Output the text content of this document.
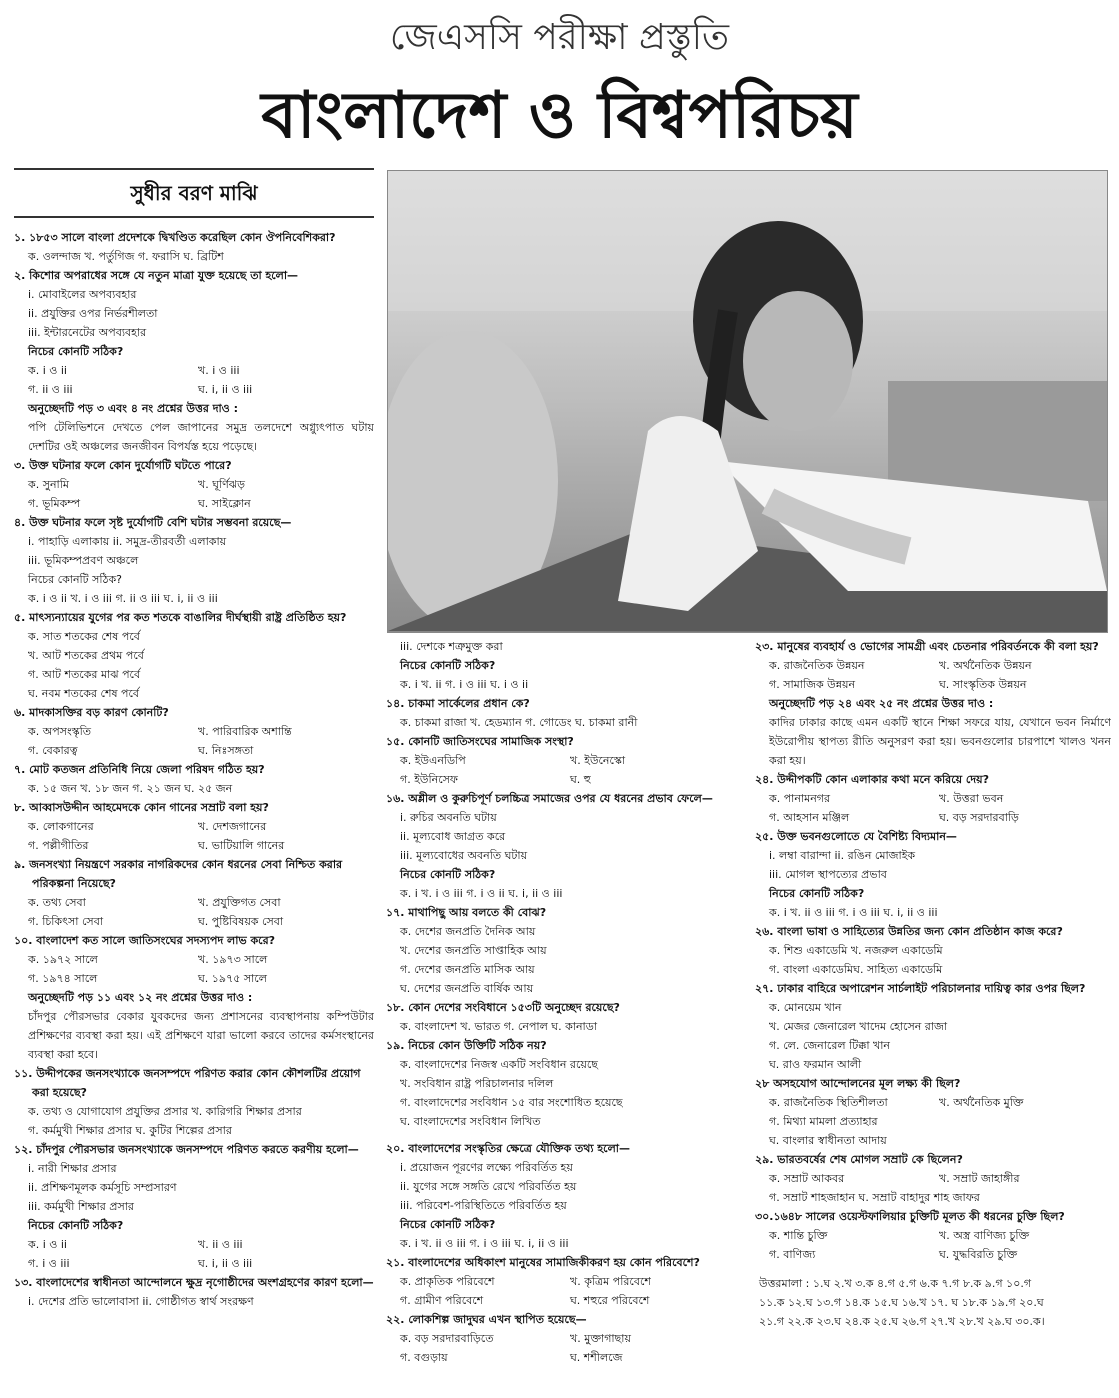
জেএসসি পরীক্ষা প্রস্তুতি
বাংলাদেশ ও বিশ্বপরিচয়
সুধীর বরণ মাঝি
১. ১৮৫৩ সালে বাংলা প্রদেশকে দ্বিখণ্ডিত করেছিল কোন ঔপনিবেশিকরা?
ক. ওলন্দাজ খ. পর্তুগিজ গ. ফরাসি ঘ. ব্রিটিশ
২. কিশোর অপরাধের সঙ্গে যে নতুন মাত্রা যুক্ত হয়েছে তা হলো—
i. মোবাইলের অপব্যবহার
ii. প্রযুক্তির ওপর নির্ভরশীলতা
iii. ইন্টারনেটের অপব্যবহার
নিচের কোনটি সঠিক?
ক. i ও ii	খ. i ও iii
গ. ii ও iii	ঘ. i, ii ও iii
অনুচ্ছেদটি পড় ৩ এবং ৪ নং প্রশ্নের উত্তর দাও :
পপি টেলিভিশনে দেখতে পেল জাপানের সমুদ্র তলদেশে অগ্ন্যুৎপাত ঘটায় দেশটির ওই অঞ্চলের জনজীবন বিপর্যস্ত হয়ে পড়েছে।
৩. উক্ত ঘটনার ফলে কোন দুর্যোগটি ঘটতে পারে?
ক. সুনামি	খ. ঘূর্ণিঝড়
গ. ভূমিকম্প	ঘ. সাইক্লোন
৪. উক্ত ঘটনার ফলে সৃষ্ট দুর্যোগটি বেশি ঘটার সম্ভবনা রয়েছে—
i. পাহাড়ি এলাকায় ii. সমুদ্র-তীরবর্তী এলাকায়
iii. ভূমিকম্পপ্রবণ অঞ্চলে
নিচের কোনটি সঠিক?
ক. i ও ii খ. i ও iii গ. ii ও iii ঘ. i, ii ও iii
৫. মাৎস্যন্যায়ের যুগের পর কত শতকে বাঙালির দীর্ঘস্থায়ী রাষ্ট্র প্রতিষ্ঠিত হয়?
ক. সাত শতকের শেষ পর্বে
খ. আট শতকের প্রথম পর্বে
গ. আট শতকের মাঝ পর্বে
ঘ. নবম শতকের শেষ পর্বে
৬. মাদকাসক্তির বড় কারণ কোনটি?
ক. অপসংস্কৃতি	খ. পারিবারিক অশান্তি
গ. বেকারত্ব	ঘ. নিঃসঙ্গতা
৭. মোট কতজন প্রতিনিধি নিয়ে জেলা পরিষদ গঠিত হয়?
ক. ১৫ জন খ. ১৮ জন গ. ২১ জন ঘ. ২৫ জন
৮. আব্বাসউদ্দীন আহমেদকে কোন গানের সম্রাট বলা হয়?
ক. লোকগানের	খ. দেশজগানের
গ. পল্লীগীতির	ঘ. ভাটিয়ালি গানের
৯. জনসংখ্যা নিয়ন্ত্রণে সরকার নাগরিকদের কোন ধরনের সেবা নিশ্চিত করার পরিকল্পনা নিয়েছে?
ক. তথ্য সেবা	খ. প্রযুক্তিগত সেবা
গ. চিকিৎসা সেবা	ঘ. পুষ্টিবিষয়ক সেবা
১০. বাংলাদেশ কত সালে জাতিসংঘের সদস্যপদ লাভ করে?
ক. ১৯৭২ সালে	খ. ১৯৭৩ সালে
গ. ১৯৭৪ সালে	ঘ. ১৯৭৫ সালে
অনুচ্ছেদটি পড় ১১ এবং ১২ নং প্রশ্নের উত্তর দাও :
চাঁদপুর পৌরসভার বেকার যুবকদের জন্য প্রশাসনের ব্যবস্থাপনায় কম্পিউটার প্রশিক্ষণের ব্যবস্থা করা হয়। এই প্রশিক্ষণে যারা ভালো করবে তাদের কর্মসংস্থানের ব্যবস্থা করা হবে।
১১. উদ্দীপকের জনসংখ্যাকে জনসম্পদে পরিণত করার কোন কৌশলটির প্রয়োগ করা হয়েছে?
ক. তথ্য ও যোগাযোগ প্রযুক্তির প্রসার খ. কারিগরি শিক্ষার প্রসার
গ. কর্মমুখী শিক্ষার প্রসার ঘ. কুটির শিল্পের প্রসার
১২. চাঁদপুর পৌরসভার জনসংখ্যাকে জনসম্পদে পরিণত করতে করণীয় হলো—
i. নারী শিক্ষার প্রসার
ii. প্রশিক্ষণমূলক কর্মসূচি সম্প্রসারণ
iii. কর্মমুখী শিক্ষার প্রসার
নিচের কোনটি সঠিক?
ক. i ও ii	খ. ii ও iii
গ. i ও iii	ঘ. i, ii ও iii
১৩. বাংলাদেশের স্বাধীনতা আন্দোলনে ক্ষুদ্র নৃগোষ্ঠীদের অংশগ্রহণের কারণ হলো—
i. দেশের প্রতি ভালোবাসা ii. গোষ্ঠীগত স্বার্থ সংরক্ষণ
iii. দেশকে শত্রুমুক্ত করা
নিচের কোনটি সঠিক?
ক. i খ. ii গ. i ও iii ঘ. i ও ii
১৪. চাকমা সার্কেলের প্রধান কে?
ক. চাকমা রাজা খ. হেডম্যান গ. গোডেং ঘ. চাকমা রানী
১৫. কোনটি জাতিসংঘের সামাজিক সংস্থা?
ক. ইউএনডিপি	খ. ইউনেস্কো
গ. ইউনিসেফ	ঘ. হু
১৬. অশ্লীল ও কুরুচিপূর্ণ চলচ্চিত্র সমাজের ওপর যে ধরনের প্রভাব ফেলে—
i. রুচির অবনতি ঘটায়
ii. মূল্যবোধ জাগ্রত করে
iii. মূল্যবোধের অবনতি ঘটায়
নিচের কোনটি সঠিক?
ক. i খ. i ও iii গ. i ও ii ঘ. i, ii ও iii
১৭. মাথাপিছু আয় বলতে কী বোঝ?
ক. দেশের জনপ্রতি দৈনিক আয়
খ. দেশের জনপ্রতি সাপ্তাহিক আয়
গ. দেশের জনপ্রতি মাসিক আয়
ঘ. দেশের জনপ্রতি বার্ষিক আয়
১৮. কোন দেশের সংবিধানে ১৫৩টি অনুচ্ছেদ রয়েছে?
ক. বাংলাদেশ খ. ভারত গ. নেপাল ঘ. কানাডা
১৯. নিচের কোন উক্তিটি সঠিক নয়?
ক. বাংলাদেশের নিজস্ব একটি সংবিধান রয়েছে
খ. সংবিধান রাষ্ট্র পরিচালনার দলিল
গ. বাংলাদেশের সংবিধান ১৫ বার সংশোধিত হয়েছে
ঘ. বাংলাদেশের সংবিধান লিখিত
২০. বাংলাদেশের সংস্কৃতির ক্ষেত্রে যৌক্তিক তথ্য হলো—
i. প্রয়োজন পূরণের লক্ষ্যে পরিবর্তিত হয়
ii. যুগের সঙ্গে সঙ্গতি রেখে পরিবর্তিত হয়
iii. পরিবেশ-পরিস্থিতিতে পরিবর্তিত হয়
নিচের কোনটি সঠিক?
ক. i খ. ii ও iii গ. i ও iii ঘ. i, ii ও iii
২১. বাংলাদেশের অধিকাংশ মানুষের সামাজিকীকরণ হয় কোন পরিবেশে?
ক. প্রাকৃতিক পরিবেশে	খ. কৃত্রিম পরিবেশে
গ. গ্রামীণ পরিবেশে	ঘ. শহুরে পরিবেশে
২২. লোকশিল্প জাদুঘর এখন স্থাপিত হয়েছে—
ক. বড় সরদারবাড়িতে	খ. মুক্তাগাছায়
গ. বগুড়ায়	ঘ. শশীলজে
২৩. মানুষের ব্যবহার্য ও ভোগের সামগ্রী এবং চেতনার পরিবর্তনকে কী বলা হয়?
ক. রাজনৈতিক উন্নয়ন	খ. অর্থনৈতিক উন্নয়ন
গ. সামাজিক উন্নয়ন	ঘ. সাংস্কৃতিক উন্নয়ন
অনুচ্ছেদটি পড় ২৪ এবং ২৫ নং প্রশ্নের উত্তর দাও :
কাদির ঢাকার কাছে এমন একটি স্থানে শিক্ষা সফরে যায়, যেখানে ভবন নির্মাণে ইউরোপীয় স্থাপত্য রীতি অনুসরণ করা হয়। ভবনগুলোর চারপাশে খালও খনন করা হয়।
২৪. উদ্দীপকটি কোন এলাকার কথা মনে করিয়ে দেয়?
ক. পানামনগর	খ. উত্তরা ভবন
গ. আহসান মঞ্জিল	ঘ. বড় সরদারবাড়ি
২৫. উক্ত ভবনগুলোতে যে বৈশিষ্ট্য বিদ্যমান—
i. লম্বা বারান্দা ii. রঙিন মোজাইক
iii. মোগল স্থাপত্যের প্রভাব
নিচের কোনটি সঠিক?
ক. i খ. ii ও iii গ. i ও iii ঘ. i, ii ও iii
২৬. বাংলা ভাষা ও সাহিত্যের উন্নতির জন্য কোন প্রতিষ্ঠান কাজ করে?
ক. শিশু একাডেমি খ. নজরুল একাডেমি
গ. বাংলা একাডেমিঘ. সাহিত্য একাডেমি
২৭. ঢাকার বাহিরে অপারেশন সার্চলাইট পরিচালনার দায়িত্ব কার ওপর ছিল?
ক. মোনয়েম খান
খ. মেজর জেনারেল খাদেম হোসেন রাজা
গ. লে. জেনারেল টিক্কা খান
ঘ. রাও ফরমান আলী
২৮ অসহযোগ আন্দোলনের মূল লক্ষ্য কী ছিল?
ক. রাজনৈতিক স্থিতিশীলতা	খ. অর্থনৈতিক মুক্তি
গ. মিথ্যা মামলা প্রত্যাহার
ঘ. বাংলার স্বাধীনতা আদায়
২৯. ভারতবর্ষের শেষ মোগল সম্রাট কে ছিলেন?
ক. সম্রাট আকবর	খ. সম্রাট জাহাঙ্গীর
গ. সম্রাট শাহজাহান ঘ. সম্রাট বাহাদুর শাহ জাফর
৩০.১৬৪৮ সালের ওয়েস্টফালিয়ার চুক্তিটি মূলত কী ধরনের চুক্তি ছিল?
ক. শান্তি চুক্তি	খ. অস্ত্র বাণিজ্য চুক্তি
গ. বাণিজ্য	ঘ. যুদ্ধবিরতি চুক্তি
উত্তরমালা : ১.ঘ ২.খ ৩.ক ৪.গ ৫.গ ৬.ক ৭.গ ৮.ক ৯.গ ১০.গ
১১.ক ১২.ঘ ১৩.গ ১৪.ক ১৫.ঘ ১৬.খ ১৭. ঘ ১৮.ক ১৯.গ ২০.ঘ
২১.গ ২২.ক ২৩.ঘ ২৪.ক ২৫.ঘ ২৬.গ ২৭.খ ২৮.খ ২৯.ঘ ৩০.ক।
